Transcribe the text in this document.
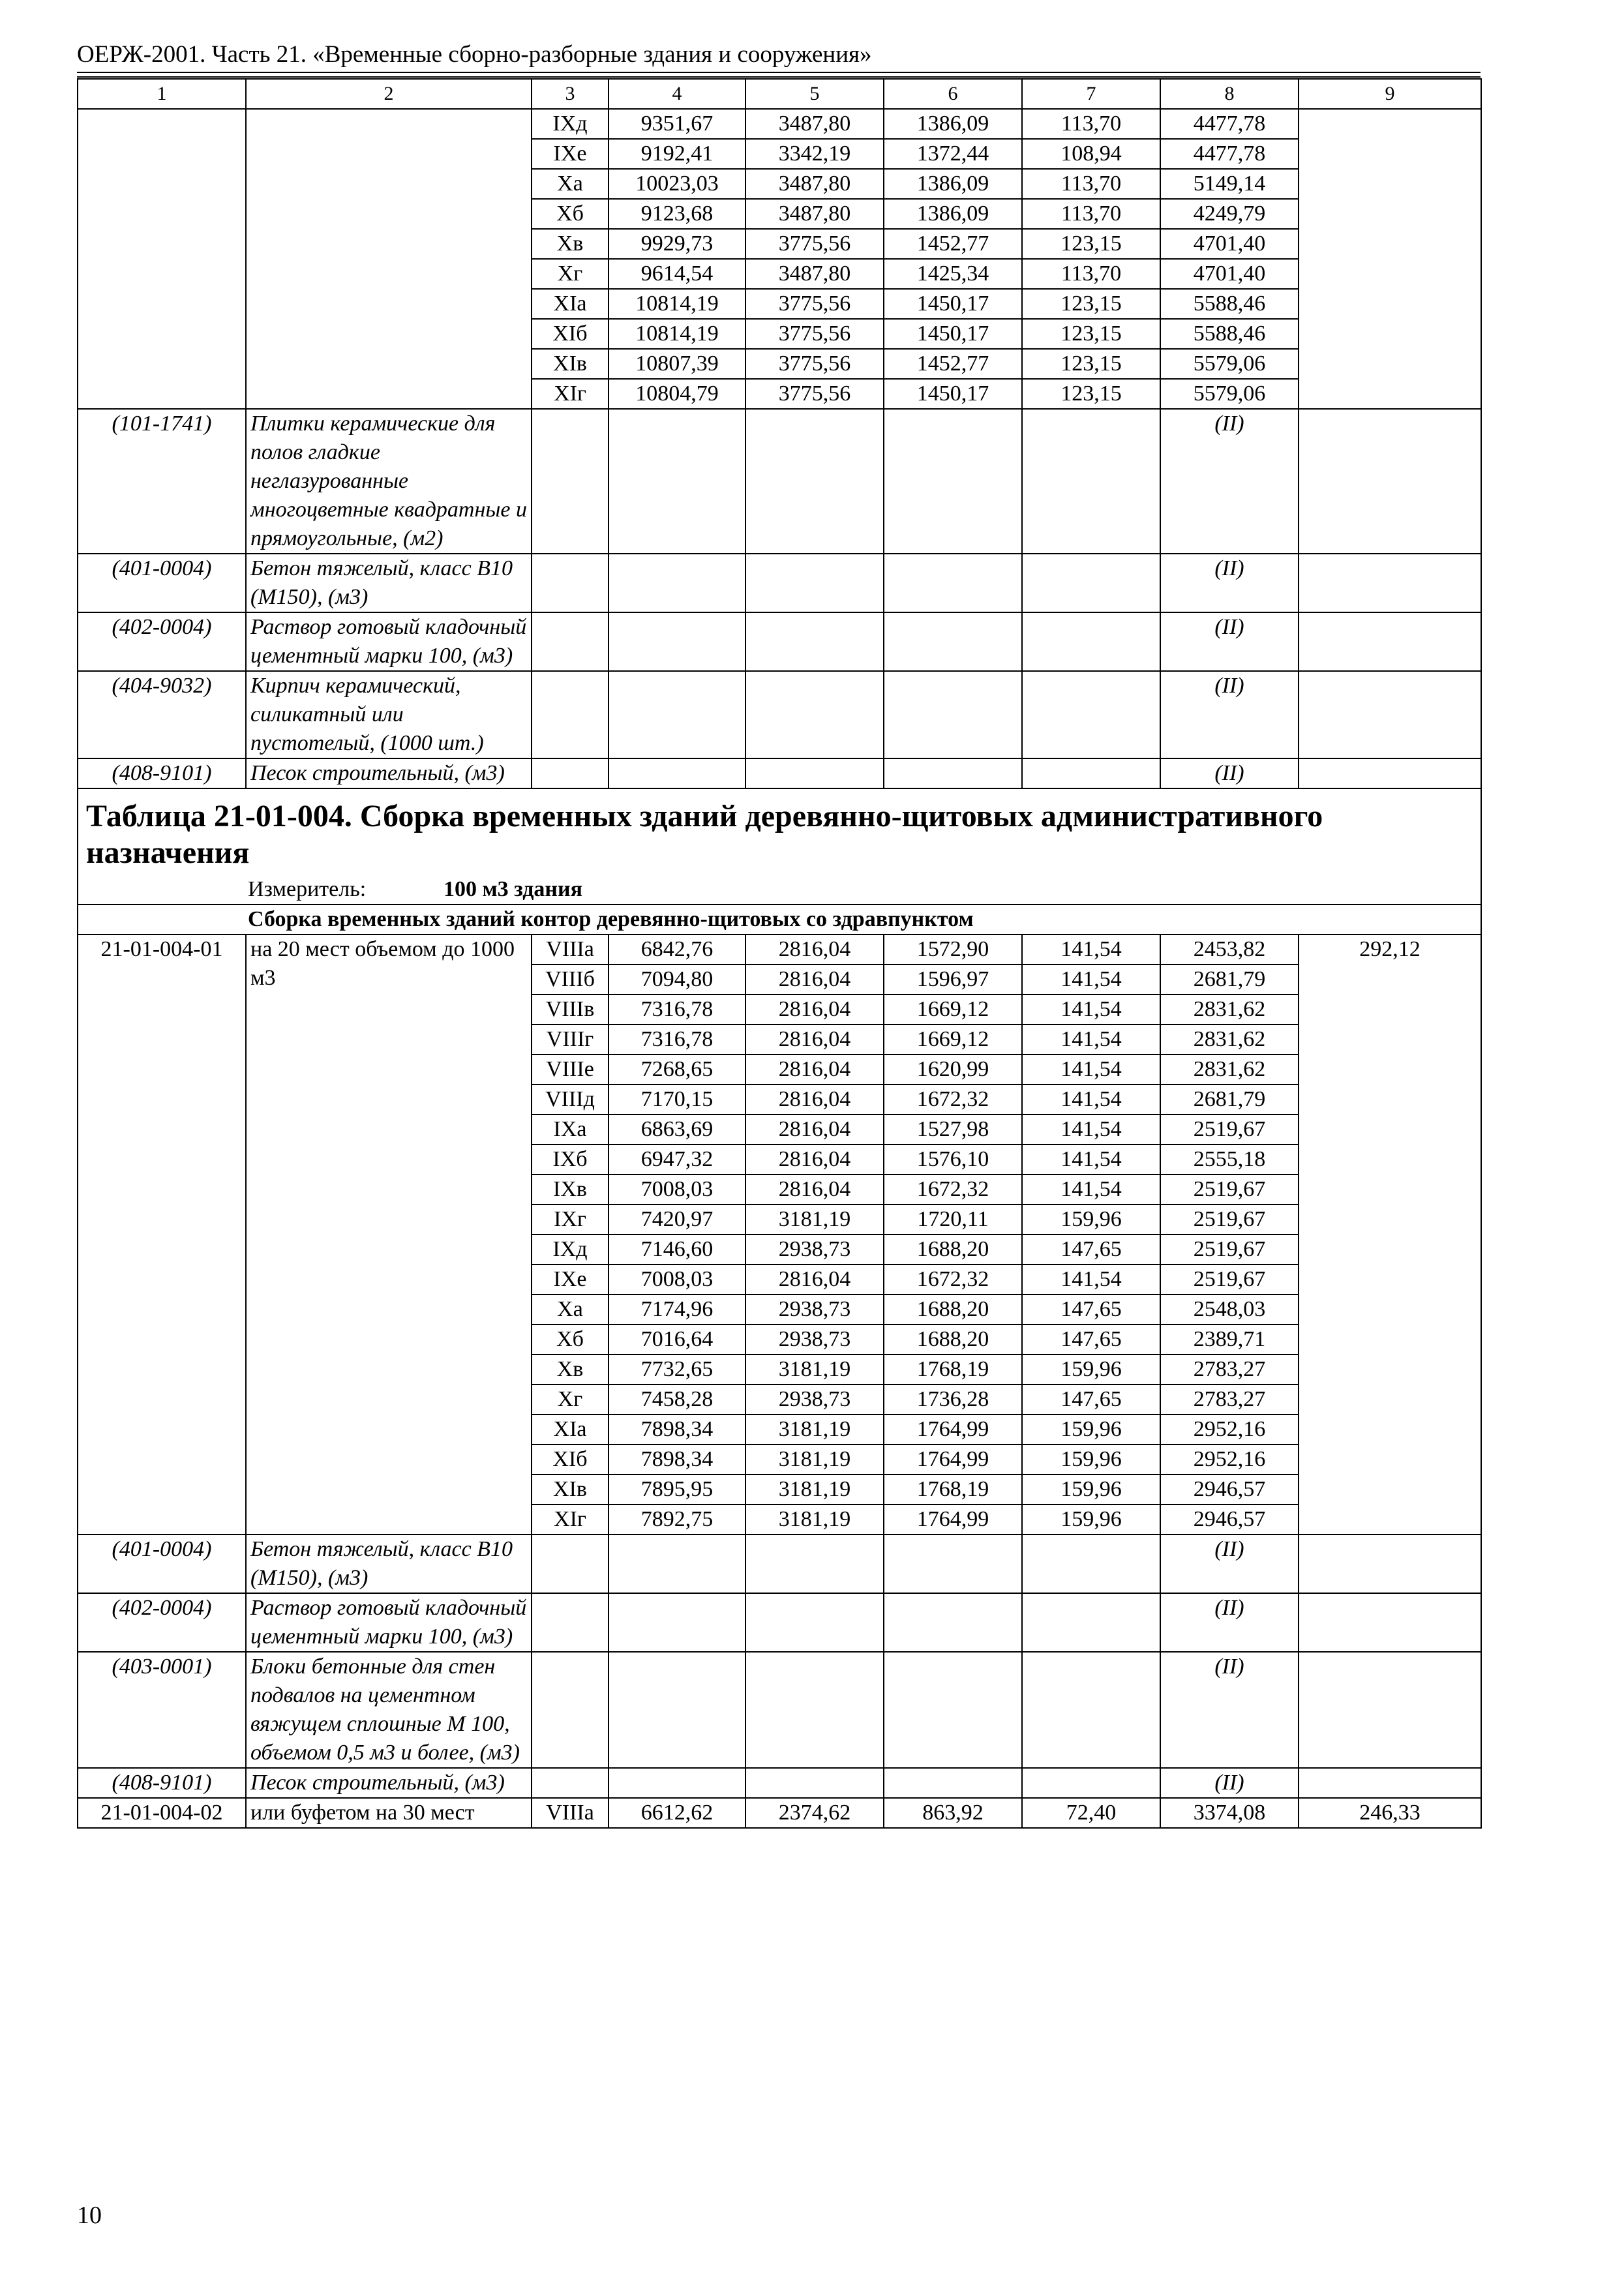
ОЕРЖ-2001. Часть 21. «Временные сборно-разборные здания и сооружения»
1	2	3	4	5	6	7	8	9
		IXд	9351,67	3487,80	1386,09	113,70	4477,78	
		IXе	9192,41	3342,19	1372,44	108,94	4477,78	
		Xа	10023,03	3487,80	1386,09	113,70	5149,14	
		Xб	9123,68	3487,80	1386,09	113,70	4249,79	
		Xв	9929,73	3775,56	1452,77	123,15	4701,40	
		Xг	9614,54	3487,80	1425,34	113,70	4701,40	
		XIа	10814,19	3775,56	1450,17	123,15	5588,46	
		XIб	10814,19	3775,56	1450,17	123,15	5588,46	
		XIв	10807,39	3775,56	1452,77	123,15	5579,06	
		XIг	10804,79	3775,56	1450,17	123,15	5579,06	
(101-1741)	Плитки керамические для полов гладкие неглазурованные многоцветные квадратные и прямоугольные, (м2)						(II)	
(401-0004)	Бетон тяжелый, класс В10 (М150), (м3)						(II)	
(402-0004)	Раствор готовый кладочный цементный марки 100, (м3)						(II)	
(404-9032)	Кирпич керамический, силикатный или пустотелый, (1000 шт.)						(II)	
(408-9101)	Песок строительный, (м3)						(II)	
Таблица 21-01-004. Сборка временных зданий деревянно-щитовых административного назначения								
Измеритель: 100 м3 здания								
Сборка временных зданий контор деревянно-щитовых со здравпунктом								
21-01-004-01	на 20 мест объемом до 1000 м3	VIIIа	6842,76	2816,04	1572,90	141,54	2453,82	292,12
		VIIIб	7094,80	2816,04	1596,97	141,54	2681,79	
		VIIIв	7316,78	2816,04	1669,12	141,54	2831,62	
		VIIIг	7316,78	2816,04	1669,12	141,54	2831,62	
		VIIIе	7268,65	2816,04	1620,99	141,54	2831,62	
		VIIIд	7170,15	2816,04	1672,32	141,54	2681,79	
		IXа	6863,69	2816,04	1527,98	141,54	2519,67	
		IXб	6947,32	2816,04	1576,10	141,54	2555,18	
		IXв	7008,03	2816,04	1672,32	141,54	2519,67	
		IXг	7420,97	3181,19	1720,11	159,96	2519,67	
		IXд	7146,60	2938,73	1688,20	147,65	2519,67	
		IXе	7008,03	2816,04	1672,32	141,54	2519,67	
		Xа	7174,96	2938,73	1688,20	147,65	2548,03	
		Xб	7016,64	2938,73	1688,20	147,65	2389,71	
		Xв	7732,65	3181,19	1768,19	159,96	2783,27	
		Xг	7458,28	2938,73	1736,28	147,65	2783,27	
		XIа	7898,34	3181,19	1764,99	159,96	2952,16	
		XIб	7898,34	3181,19	1764,99	159,96	2952,16	
		XIв	7895,95	3181,19	1768,19	159,96	2946,57	
		XIг	7892,75	3181,19	1764,99	159,96	2946,57	
(401-0004)	Бетон тяжелый, класс В10 (М150), (м3)						(II)	
(402-0004)	Раствор готовый кладочный цементный марки 100, (м3)						(II)	
(403-0001)	Блоки бетонные для стен подвалов на цементном вяжущем сплошные М 100, объемом 0,5 м3 и более, (м3)						(II)	
(408-9101)	Песок строительный, (м3)						(II)	
21-01-004-02	или буфетом на 30 мест	VIIIа	6612,62	2374,62	863,92	72,40	3374,08	246,33
10
